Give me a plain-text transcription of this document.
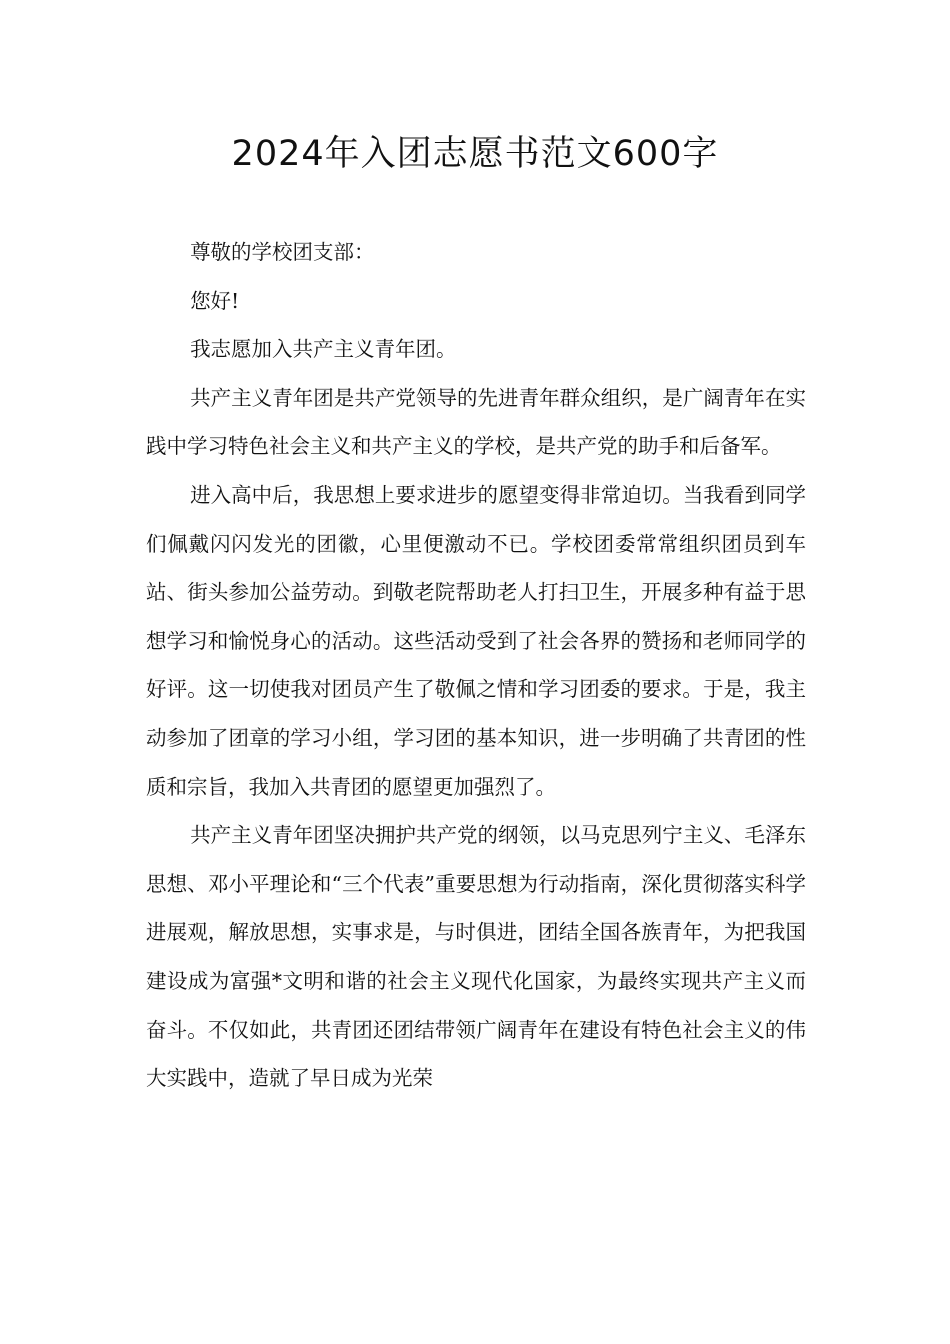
2024年入团志愿书范文600字

尊敬的学校团支部：

您好!

我志愿加入共产主义青年团。

共产主义青年团是共产党领导的先进青年群众组织，是广阔青年在实践中学习特色社会主义和共产主义的学校，是共产党的助手和后备军。

进入高中后，我思想上要求进步的愿望变得非常迫切。当我看到同学们佩戴闪闪发光的团徽，心里便激动不已。学校团委常常组织团员到车站、街头参加公益劳动。到敬老院帮助老人打扫卫生，开展多种有益于思想学习和愉悦身心的活动。这些活动受到了社会各界的赞扬和老师同学的好评。这一切使我对团员产生了敬佩之情和学习团委的要求。于是，我主动参加了团章的学习小组，学习团的基本知识，进一步明确了共青团的性质和宗旨，我加入共青团的愿望更加强烈了。

共产主义青年团坚决拥护共产党的纲领，以马克思列宁主义、毛泽东思想、邓小平理论和“三个代表”重要思想为行动指南，深化贯彻落实科学进展观，解放思想，实事求是，与时俱进，团结全国各族青年，为把我国建设成为富强*文明和谐的社会主义现代化国家，为最终实现共产主义而奋斗。不仅如此，共青团还团结带领广阔青年在建设有特色社会主义的伟大实践中，造就了早日成为光荣
